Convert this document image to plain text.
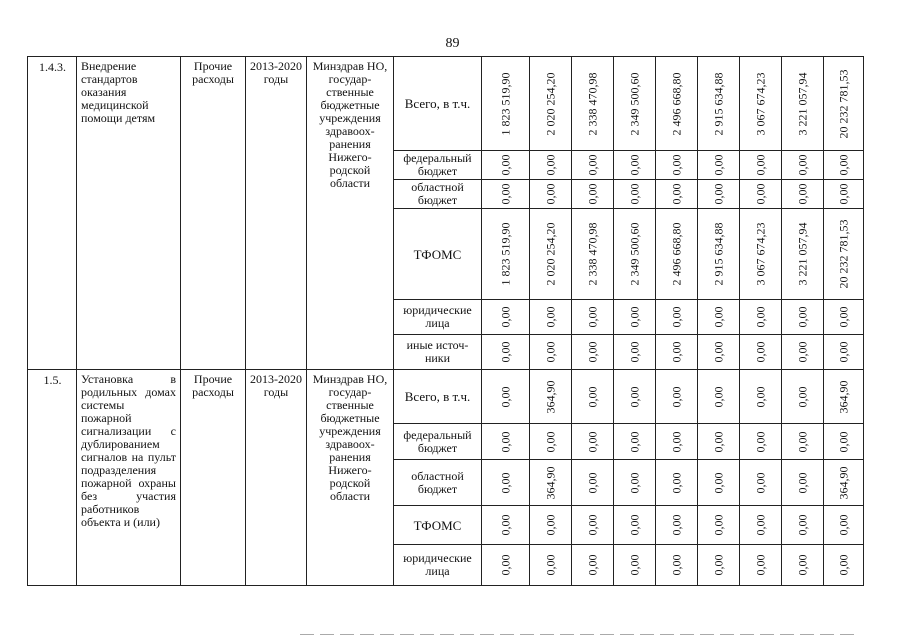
89
1.4.3.	Внедрение стандартов оказания медицинской помощи детям	Прочие расходы	2013-2020 годы	Минздрав НО, государ-ственные бюджетные учреждения здравоох-ранения Нижего-родской области	Всего, в т.ч.	1 823 519,90	2 020 254,20	2 338 470,98	2 349 500,60	2 496 668,80	2 915 634,88	3 067 674,23	3 221 057,94	20 232 781,53

					федеральный бюджет	0,00	0,00	0,00	0,00	0,00	0,00	0,00	0,00	0,00

					областной бюджет	0,00	0,00	0,00	0,00	0,00	0,00	0,00	0,00	0,00

					ТФОМС	1 823 519,90	2 020 254,20	2 338 470,98	2 349 500,60	2 496 668,80	2 915 634,88	3 067 674,23	3 221 057,94	20 232 781,53

					юридические лица	0,00	0,00	0,00	0,00	0,00	0,00	0,00	0,00	0,00

					иные источ-ники	0,00	0,00	0,00	0,00	0,00	0,00	0,00	0,00	0,00

1.5.	Установка в родильных домах системы пожарной сигнализации с дублированием сигналов на пульт подразделения пожарной охраны без участия работников объекта и (или)	Прочие расходы	2013-2020 годы	Минздрав НО, государ-ственные бюджетные учреждения здравоох-ранения Нижего-родской области	Всего, в т.ч.	0,00	364,90	0,00	0,00	0,00	0,00	0,00	0,00	364,90

					федеральный бюджет	0,00	0,00	0,00	0,00	0,00	0,00	0,00	0,00	0,00

					областной бюджет	0,00	364,90	0,00	0,00	0,00	0,00	0,00	0,00	364,90

					ТФОМС	0,00	0,00	0,00	0,00	0,00	0,00	0,00	0,00	0,00

					юридические лица	0,00	0,00	0,00	0,00	0,00	0,00	0,00	0,00	0,00
